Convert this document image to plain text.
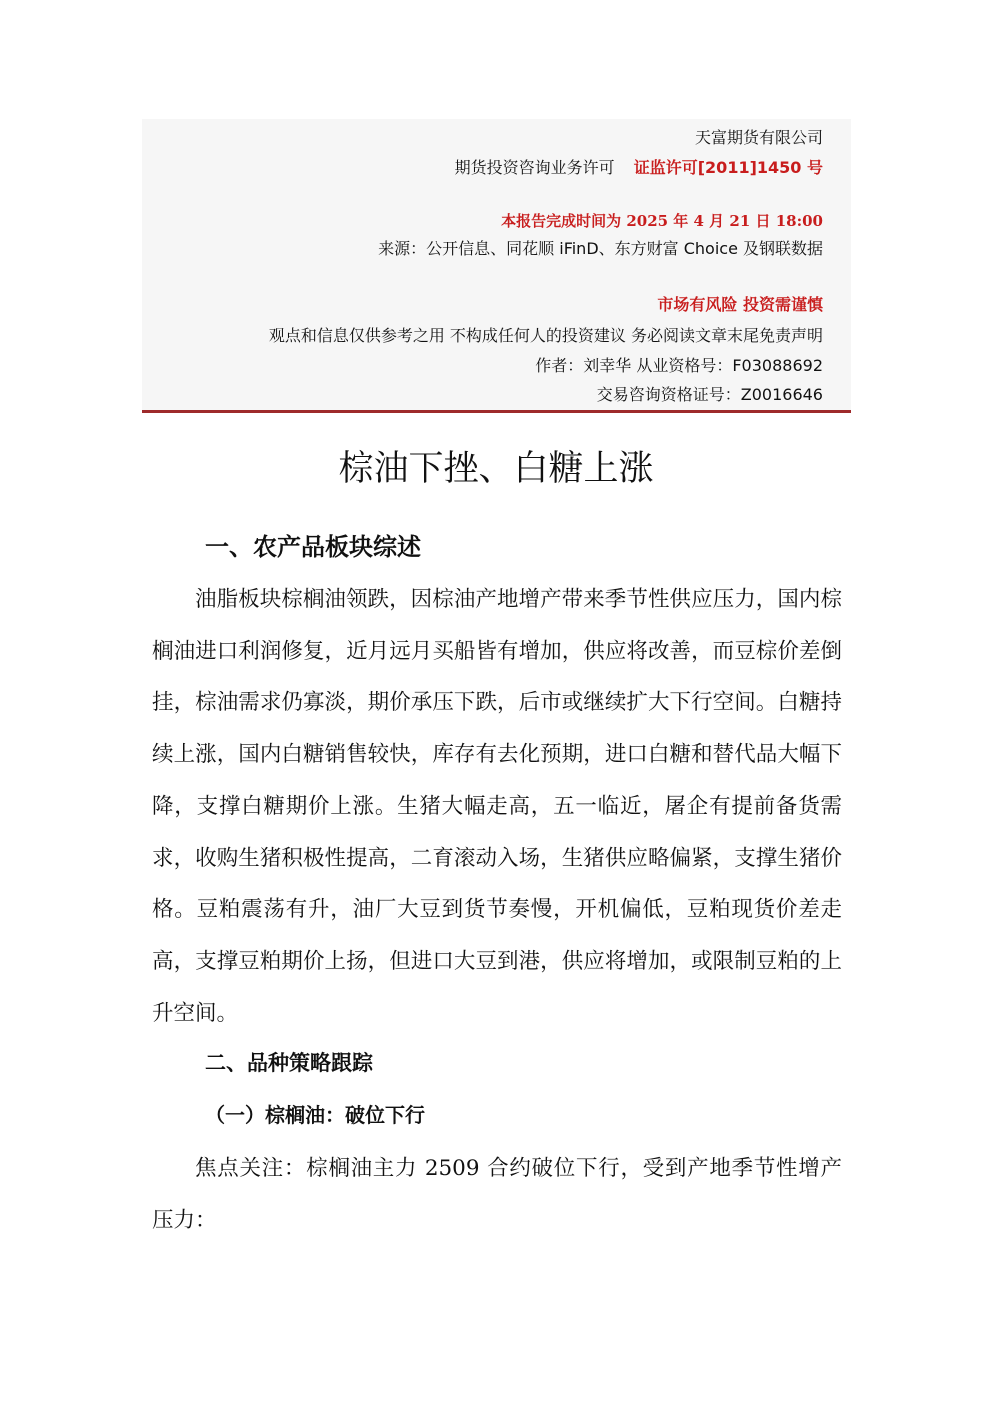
天富期货有限公司
期货投资咨询业务许可 证监许可[2011]1450 号
本报告完成时间为 2025 年 4 月 21 日 18:00
来源：公开信息、同花顺 iFinD、东方财富 Choice 及钢联数据
市场有风险 投资需谨慎
观点和信息仅供参考之用 不构成任何人的投资建议 务必阅读文章末尾免责声明
作者：刘幸华 从业资格号：F03088692
交易咨询资格证号：Z0016646
棕油下挫、白糖上涨
一、农产品板块综述
油脂板块棕榈油领跌，因棕油产地增产带来季节性供应压力，国内棕榈油进口利润修复，近月远月买船皆有增加，供应将改善，而豆棕价差倒挂，棕油需求仍寡淡，期价承压下跌，后市或继续扩大下行空间。白糖持续上涨，国内白糖销售较快，库存有去化预期，进口白糖和替代品大幅下降，支撑白糖期价上涨。生猪大幅走高，五一临近，屠企有提前备货需求，收购生猪积极性提高，二育滚动入场，生猪供应略偏紧，支撑生猪价格。豆粕震荡有升，油厂大豆到货节奏慢，开机偏低，豆粕现货价差走高，支撑豆粕期价上扬，但进口大豆到港，供应将增加，或限制豆粕的上升空间。
二、品种策略跟踪
（一）棕榈油：破位下行
焦点关注：棕榈油主力 2509 合约破位下行，受到产地季节性增产压力：
